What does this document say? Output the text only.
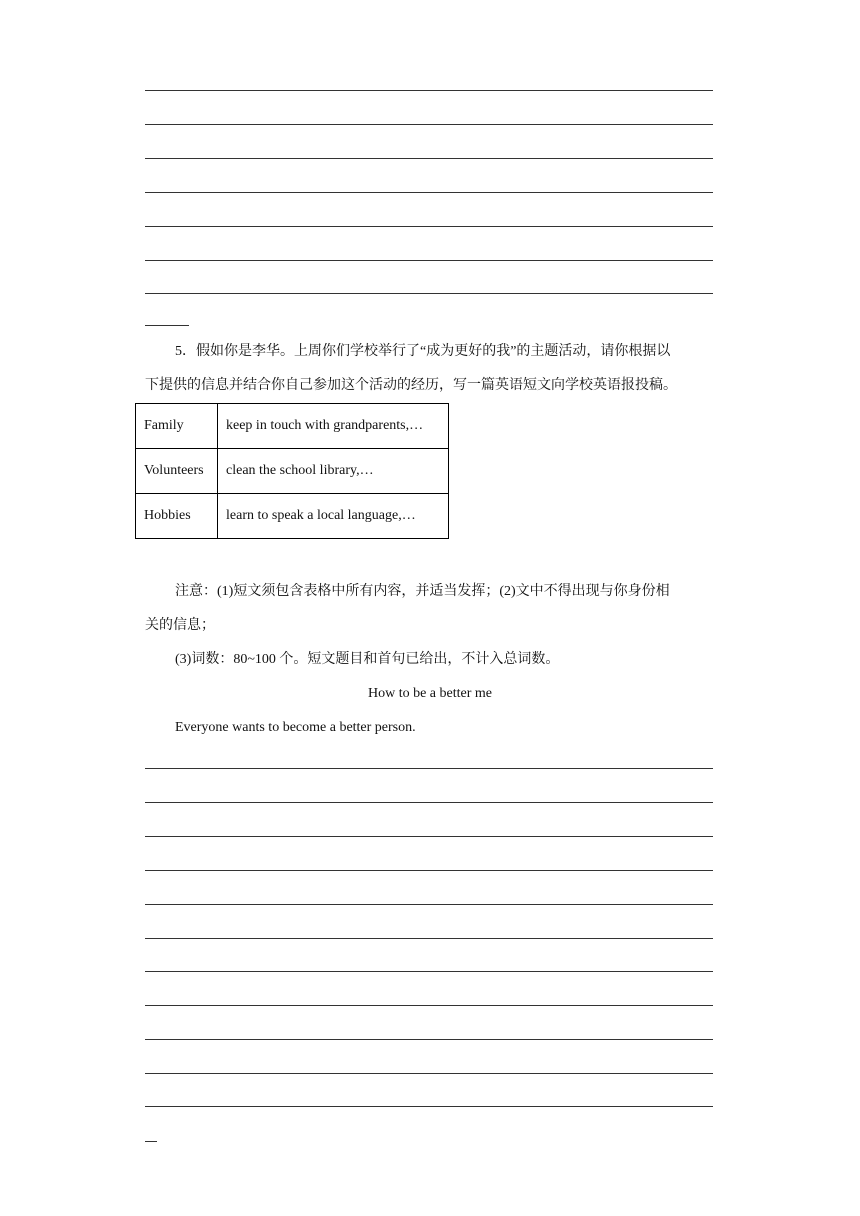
5．假如你是李华。上周你们学校举行了“成为更好的我”的主题活动，请你根据以
下提供的信息并结合你自己参加这个活动的经历，写一篇英语短文向学校英语报投稿。
Family	keep in touch with grandparents,…
Volunteers	clean the school library,…
Hobbies	learn to speak a local language,…
注意：(1)短文须包含表格中所有内容，并适当发挥；(2)文中不得出现与你身份相
关的信息；
(3)词数：80~100 个。短文题目和首句已给出，不计入总词数。
How to be a better me
Everyone wants to become a better person.
